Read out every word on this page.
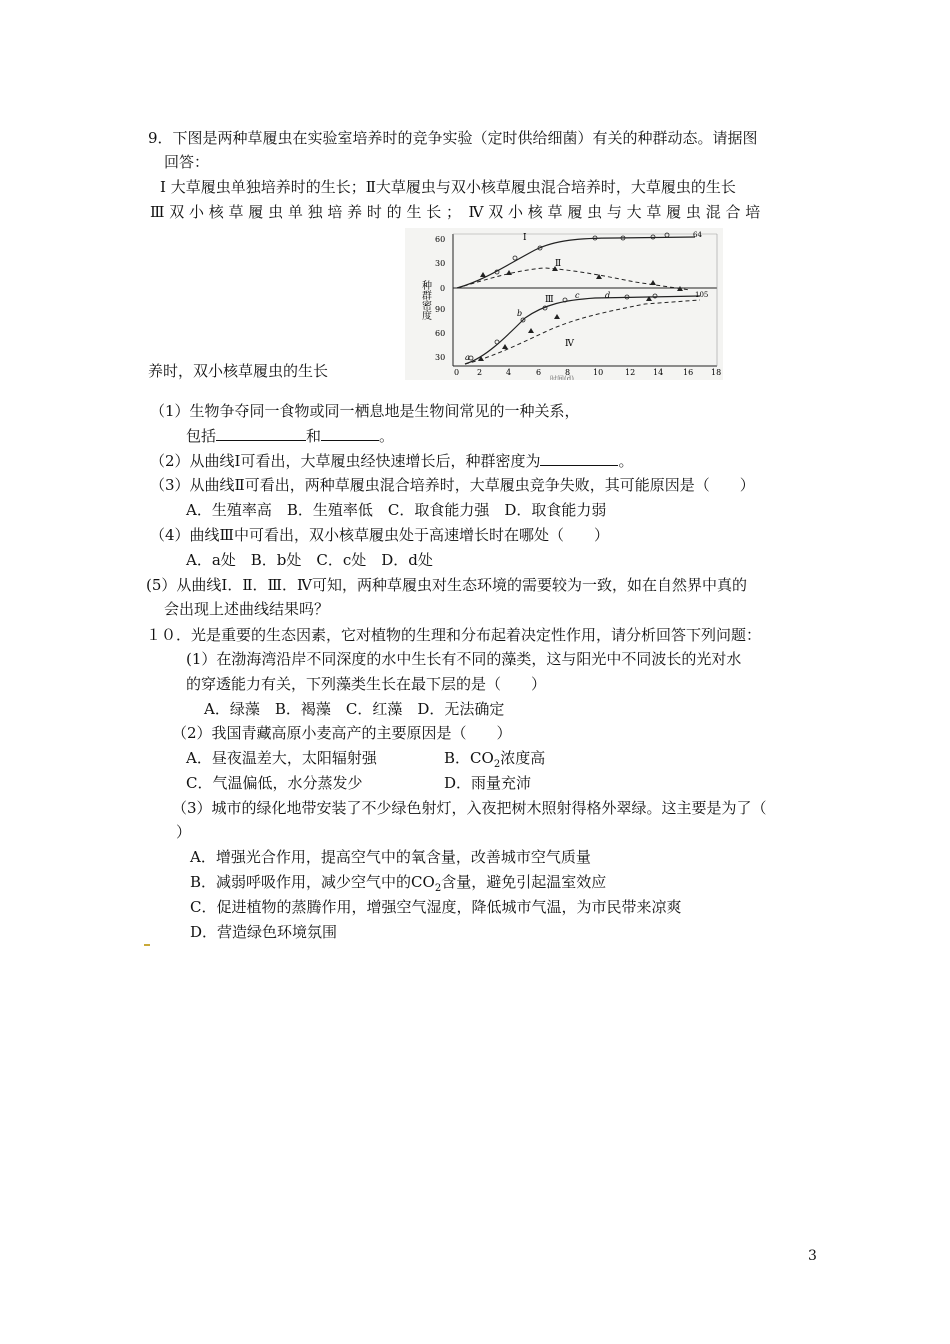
9．下图是两种草履虫在实验室培养时的竞争实验（定时供给细菌）有关的种群动态。请据图
回答：
Ⅰ 大草履虫单独培养时的生长；Ⅱ大草履虫与双小核草履虫混合培养时，大草履虫的生长
Ⅲ 双 小 核 草 履 虫 单 独 培 养 时 的 生 长 ；　Ⅳ 双 小 核 草 履 虫 与 大 草 履 虫 混 合 培
种群密度
60
30
0
90
60
30
0 2	4	6	8	10	12 14 16 18
时间(d)
Ⅰ
Ⅱ
Ⅲ
Ⅳ
a
b
c	d
64
105
养时，双小核草履虫的生长
（1）生物争夺同一食物或同一栖息地是生物间常见的一种关系，
包括	和	。
（2）从曲线Ⅰ可看出，大草履虫经快速增长后，种群密度为	。
（3）从曲线Ⅱ可看出，两种草履虫混合培养时，大草履虫竞争失败，其可能原因是（　　）
A．生殖率高　B．生殖率低　C．取食能力强　D．取食能力弱
（4）曲线Ⅲ中可看出，双小核草履虫处于高速增长时在哪处（　　）
A．a处　B．b处　C．c处　D．d处
(5）从曲线Ⅰ．Ⅱ．Ⅲ．Ⅳ可知，两种草履虫对生态环境的需要较为一致，如在自然界中真的
会出现上述曲线结果吗？
１０．光是重要的生态因素，它对植物的生理和分布起着决定性作用，请分析回答下列问题：
(1）在渤海湾沿岸不同深度的水中生长有不同的藻类，这与阳光中不同波长的光对水
的穿透能力有关，下列藻类生长在最下层的是（　　）
A．绿藻　B．褐藻　C．红藻　D．无法确定
（2）我国青藏高原小麦高产的主要原因是（　　）
A．昼夜温差大，太阳辐射强	B．$CO_2$浓度高
C．气温偏低，水分蒸发少	D．雨量充沛
（3）城市的绿化地带安装了不少绿色射灯，入夜把树木照射得格外翠绿。这主要是为了（
）
A．增强光合作用，提高空气中的氧含量，改善城市空气质量
B．减弱呼吸作用，减少空气中的$CO_2$含量，避免引起温室效应
C．促进植物的蒸腾作用，增强空气湿度，降低城市气温，为市民带来凉爽
D．营造绿色环境氛围
3
